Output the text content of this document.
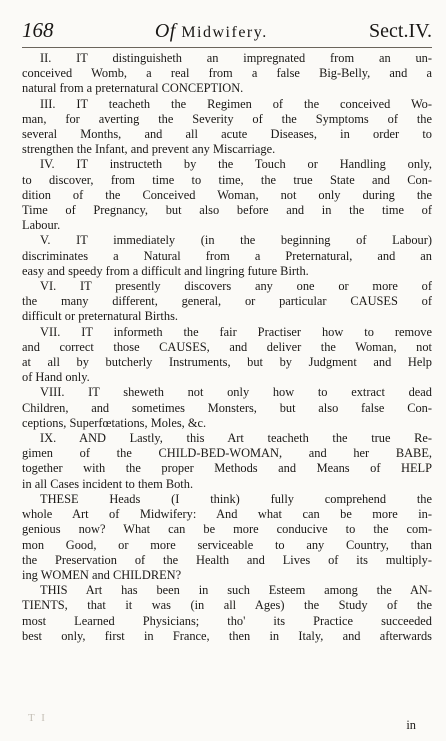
168	Of Midwifery.	Sect.IV.
II. IT distinguisheth an impregnated from an un-
conceived Womb, a real from a false Big-Belly, and a
natural from a preternatural CONCEPTION.
III. IT teacheth the Regimen of the conceived Wo-
man, for averting the Severity of the Symptoms of the
several Months, and all acute Diseases, in order to
strengthen the Infant, and prevent any Miscarriage.
IV. IT instructeth by the Touch or Handling only,
to discover, from time to time, the true State and Con-
dition of the Conceived Woman, not only during the
Time of Pregnancy, but also before and in the time of
Labour.
V. IT immediately (in the beginning of Labour)
discriminates a Natural from a Preternatural, and an
easy and speedy from a difficult and lingring future Birth.
VI. IT presently discovers any one or more of
the many different, general, or particular CAUSES of
difficult or preternatural Births.
VII. IT informeth the fair Practiser how to remove
and correct those CAUSES, and deliver the Woman, not
at all by butcherly Instruments, but by Judgment and Help
of Hand only.
VIII. IT sheweth not only how to extract dead
Children, and sometimes Monsters, but also false Con-
ceptions, Superfœtations, Moles, &c.
IX. AND Lastly, this Art teacheth the true Re-
gimen of the CHILD-BED-WOMAN, and her BABE,
together with the proper Methods and Means of HELP
in all Cases incident to them Both.
THESE Heads (I think) fully comprehend the
whole Art of Midwifery: And what can be more in-
genious now? What can be more conducive to the com-
mon Good, or more serviceable to any Country, than
the Preservation of the Health and Lives of its multiply-
ing WOMEN and CHILDREN?
THIS Art has been in such Esteem among the AN-
TIENTS, that it was (in all Ages) the Study of the
most Learned Physicians; tho' its Practice succeeded
best only, first in France, then in Italy, and afterwards
T I	in
